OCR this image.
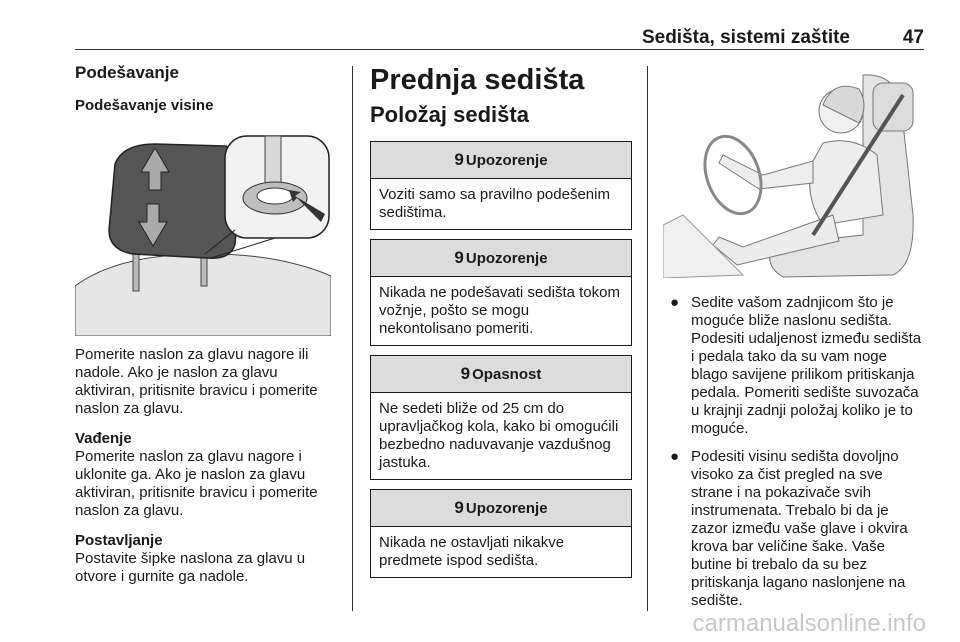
Sedišta, sistemi zaštite	47
Podešavanje
Podešavanje visine

Pomerite naslon za glavu nagore ili nadole. Ako je naslon za glavu aktiviran, pritisnite bravicu i pomerite naslon za glavu.

Vađenje

Pomerite naslon za glavu nagore i uklonite ga. Ako je naslon za glavu aktiviran, pritisnite bravicu i pomerite naslon za glavu.

Postavljanje

Postavite šipke naslona za glavu u otvore i gurnite ga nadole.

Prednja sedišta
Položaj sedišta
9 Upozorenje
Voziti samo sa pravilno podešenim sedištima.
9 Upozorenje
Nikada ne podešavati sedišta tokom vožnje, pošto se mogu nekontolisano pomeriti.
9 Opasnost
Ne sedeti bliže od 25 cm do upravljačkog kola, kako bi omogućili bezbedno naduvavanje vazdušnog jastuka.
9 Upozorenje
Nikada ne ostavljati nikakve predmete ispod sedišta.
● Sedite vašom zadnjicom što je moguće bliže naslonu sedišta. Podesiti udaljenost između sedišta i pedala tako da su vam noge blago savijene prilikom pritiskanja pedala. Pomeriti sedište suvozača u krajnji zadnji položaj koliko je to moguće.
● Podesiti visinu sedišta dovoljno visoko za čist pregled na sve strane i na pokazivače svih instrumenata. Trebalo bi da je zazor između vaše glave i okvira krova bar veličine šake. Vaše butine bi trebalo da su bez pritiskanja lagano naslonjene na sedište.
carmanualsonline.info
